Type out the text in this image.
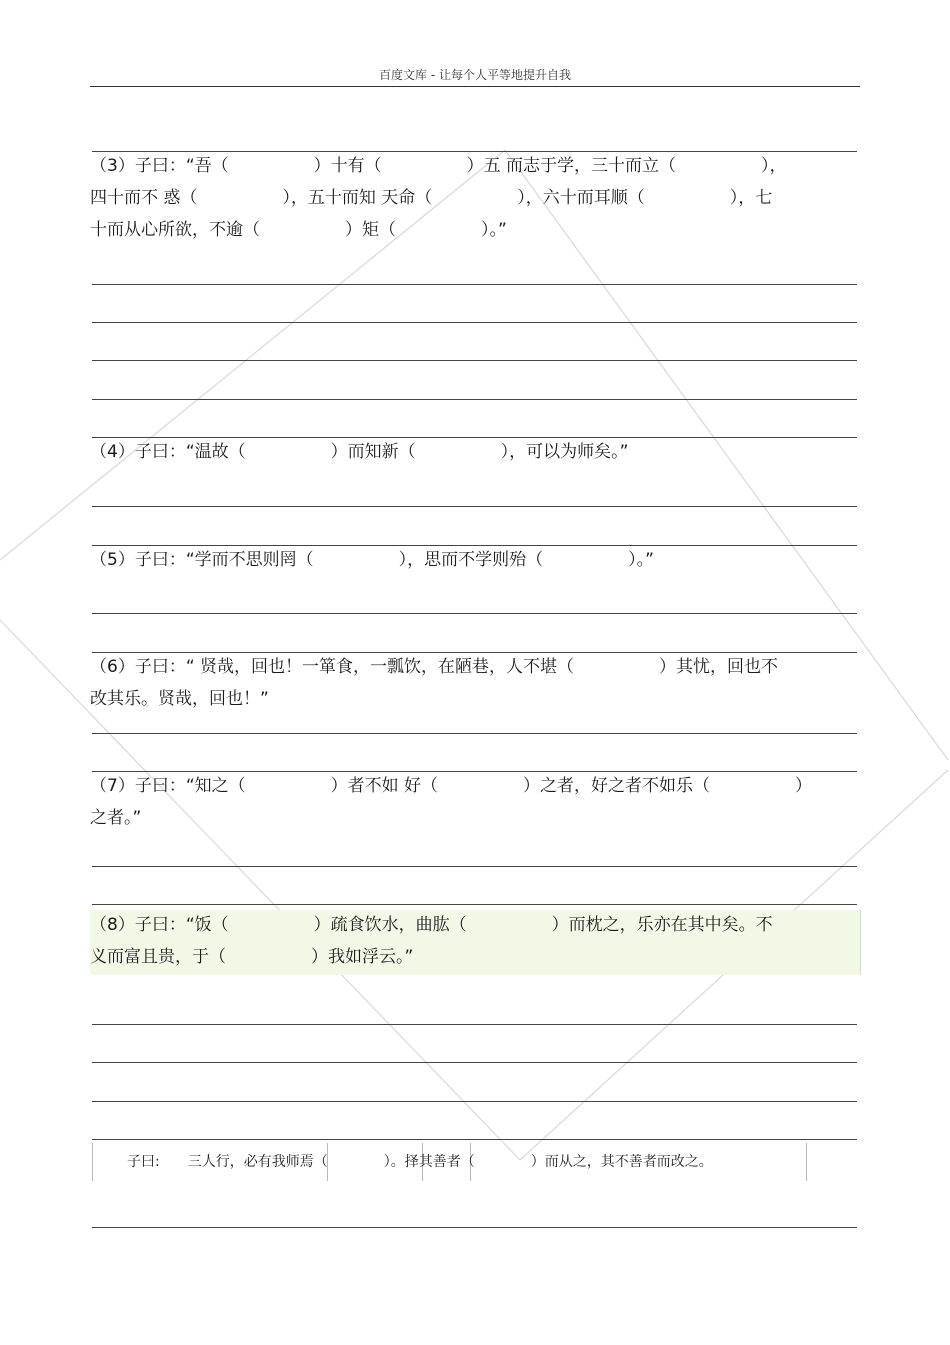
百度文库 - 让每个人平等地提升自我
（3）子曰：“吾（　　　　　）十有（　　　　　）五 而志于学，三十而立（　　　　　），
四十而不 惑（　　　　　），五十而知 天命（　　　　　），六十而耳顺（　　　　　），七
十而从心所欲，不逾（　　　　　）矩（　　　　　）。”
（4）子曰：“温故（　　　　　）而知新（　　　　　），可以为师矣。”
（5）子曰：“学而不思则罔（　　　　　），思而不学则殆（　　　　　）。”
（6）子曰：“ 贤哉，回也！一箪食，一瓢饮，在陋巷，人不堪（　　　　　）其忧，回也不
改其乐。贤哉，回也！”
（7）子曰：“知之（　　　　　）者不如 好（　　　　　）之者，好之者不如乐（　　　　　）
之者。”
（8）子曰：“饭（　　　　　）疏食饮水，曲肱（　　　　　）而枕之，乐亦在其中矣。不
义而富且贵，于（　　　　　）我如浮云。”
子曰:　　三人行，必有我师焉（　　　　）。择其善者（　　　　）而从之，其不善者而改之。
